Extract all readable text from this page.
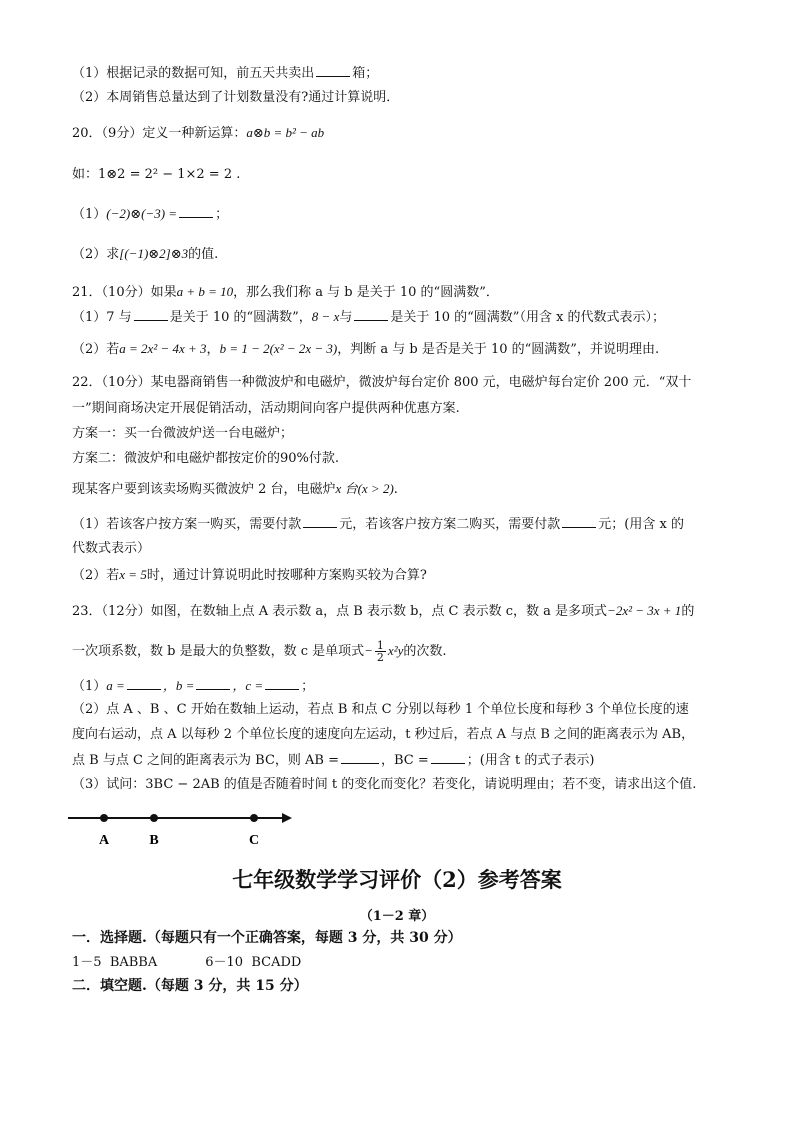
（1）根据记录的数据可知，前五天共卖出	箱；
（2）本周销售总量达到了计划数量没有?通过计算说明．
20．（9分）定义一种新运算：a⊗b = b² − ab
如：1⊗2 = 2² − 1×2 = 2 .
（1）(−2)⊗(−3) =	；
（2）求[(−1)⊗2]⊗3的值.
21．（10分）如果a + b = 10，那么我们称 a 与 b 是关于 10 的“圆满数”．
（1）7 与	是关于 10 的“圆满数”，8 − x与	是关于 10 的“圆满数”（用含 x 的代数式表示）；
（2）若a = 2x² − 4x + 3，b = 1 − 2(x² − 2x − 3)，判断 a 与 b 是否是关于 10 的“圆满数”，并说明理由.
22．（10分）某电器商销售一种微波炉和电磁炉，微波炉每台定价 800 元，电磁炉每台定价 200 元．“双十
一”期间商场决定开展促销活动，活动期间向客户提供两种优惠方案.
方案一：买一台微波炉送一台电磁炉；
方案二：微波炉和电磁炉都按定价的90%付款.
现某客户要到该卖场购买微波炉 2 台，电磁炉x 台(x > 2).
（1）若该客户按方案一购买，需要付款	元，若该客户按方案二购买，需要付款	元；(用含 x 的
代数式表示）
（2）若x = 5时，通过计算说明此时按哪种方案购买较为合算?
23．（12分）如图，在数轴上点 A 表示数 a，点 B 表示数 b，点 C 表示数 c，数 a 是多项式−2x² − 3x + 1的
一次项系数，数 b 是最大的负整数，数 c 是单项式− $\frac{1}{2} x^2y$的次数.
（1）a =	，b =	，c =	；
（2）点 A 、B 、C 开始在数轴上运动，若点 B 和点 C 分别以每秒 1 个单位长度和每秒 3 个单位长度的速
度向右运动，点 A 以每秒 2 个单位长度的速度向左运动，t 秒过后，若点 A 与点 B 之间的距离表示为 AB，
点 B 与点 C 之间的距离表示为 BC，则 AB =	，BC =	；(用含 t 的式子表示)
（3）试问：3BC − 2AB 的值是否随着时间 t 的变化而变化？若变化，请说明理由；若不变，请求出这个值.
A	B	C
七年级数学学习评价（2）参考答案
（1－2 章）
一．选择题.（每题只有一个正确答案，每题 3 分，共 30 分）
1－5 BABBA	6－10 BCADD
二．填空题.（每题 3 分，共 15 分）
